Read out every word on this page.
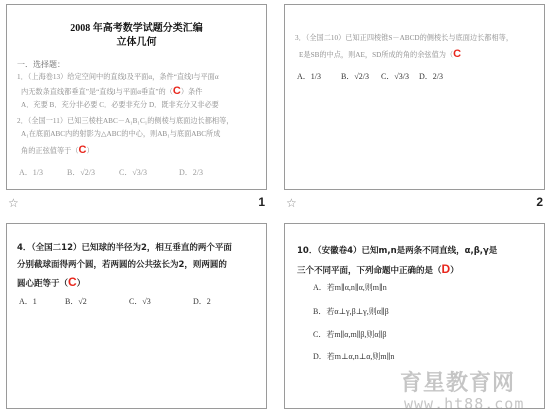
2008 年高考数学试题分类汇编
立体几何
一．选择题：
1．（上海卷13）给定空间中的直线l及平面α，条件“直线l与平面α
内无数条直线都垂直”是“直线l与平面α垂直”的（C）条件
A．充要 B．充分非必要 C．必要非充分 D．既非充分又非必要
2．（全国一11）已知三棱柱ABC－A₁B₁C₁的侧棱与底面边长都相等，
A₁在底面ABC内的射影为△ABC的中心，则AB₁与底面ABC所成
角的正弦值等于（C）
A．1/3	B．√2/3	C．√3/3	D．2/3
☆	1
3．（全国二10）已知正四棱锥S－ABCD的侧棱长与底面边长都相等，
E是SB的中点，则AE，SD所成的角的余弦值为（C
A．1/3	B．√2/3 C．√3/3 D．2/3
☆	2
4．（全国二12）已知球的半径为2，相互垂直的两个平面
分别截球面得两个圆，若两圆的公共弦长为2，则两圆的
圆心距等于（C）
A．1	B．√2	C．√3	D．2
10．（安徽卷4）已知m,n是两条不同直线，α,β,γ是
三个不同平面，下列命题中正确的是（D）
A．若m∥α,n∥α,则m∥n
B．若α⊥γ,β⊥γ,则α∥β
C．若m∥α,m∥β,则α∥β
D．若m⊥α,n⊥α,则m∥n
育星教育网
www.ht88.com
